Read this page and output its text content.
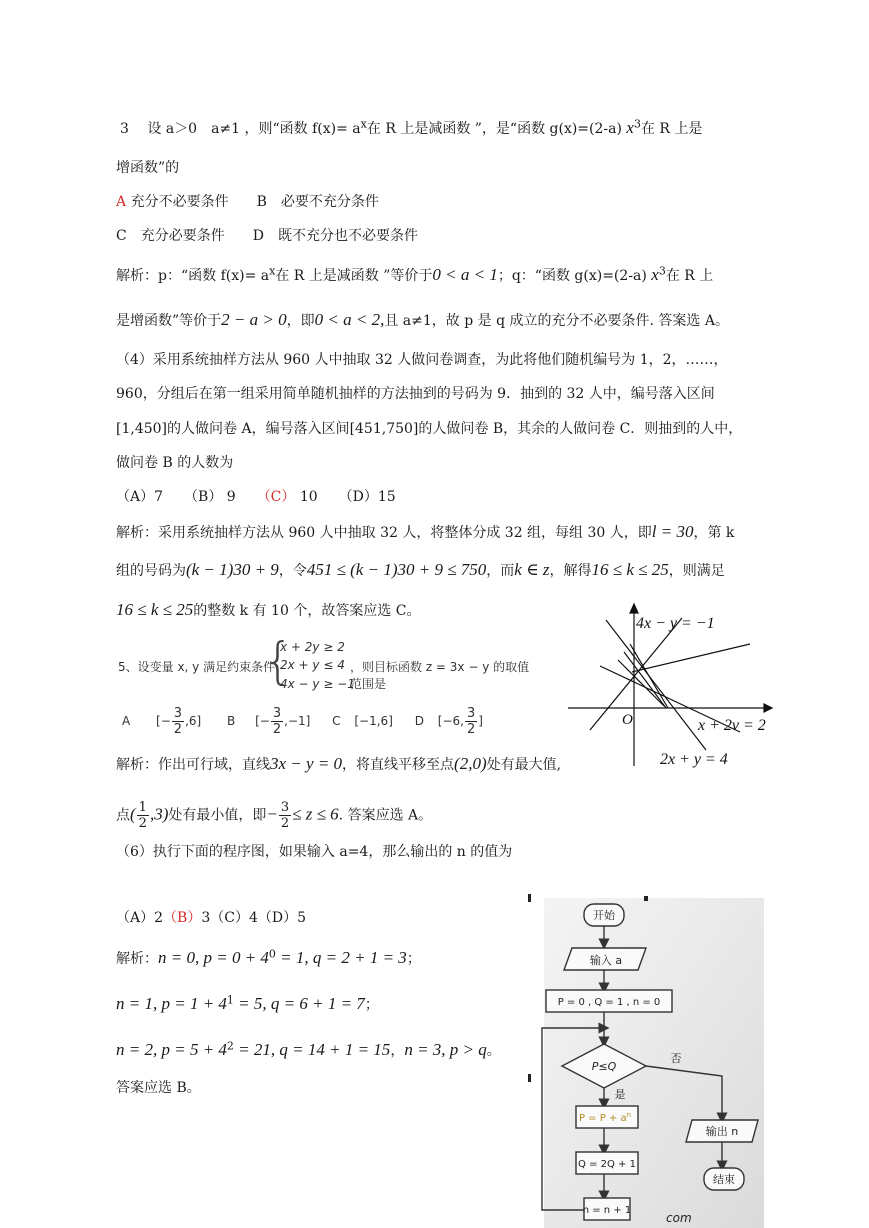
3　 设 a＞0　a≠1 ，则“函数 $f(x)= a^x$在 R 上是减函数 ”，是“函数 g(x)=(2-a) $x^3$在 R 上是
增函数”的
A 充分不必要条件　　 B　必要不充分条件
C　充分必要条件　　 D　既不充分也不必要条件
解析：p：“函数 $f(x)= a^x$在 R 上是减函数 ”等价于0 < a < 1；q：“函数 g(x)=(2-a) $x^3$在 R 上
是增函数”等价于2 − a > 0，即0 < a < 2,且 a≠1，故 p 是 q 成立的充分不必要条件. 答案选 A。
（4）采用系统抽样方法从 960 人中抽取 32 人做问卷调查，为此将他们随机编号为 1，2，……，
960，分组后在第一组采用简单随机抽样的方法抽到的号码为 9．抽到的 32 人中，编号落入区间
[1,450]的人做问卷 A，编号落入区间[451,750]的人做问卷 B，其余的人做问卷 C．则抽到的人中，
做问卷 B 的人数为
（A）7　　 （B） 9　　 （C） 10　　 （D）15
解析：采用系统抽样方法从 960 人中抽取 32 人，将整体分成 32 组，每组 30 人，即l = 30，第 k
组的号码为(k − 1)30 + 9，令451 ≤ (k − 1)30 + 9 ≤ 750，而k ∈ z，解得16 ≤ k ≤ 25，则满足
16 ≤ k ≤ 25的整数 k 有 10 个，故答案应选 C。
5、设变量 x, y 满足约束条件
{
x + 2y ≥ 2
2x + y ≤ 4
4x − y ≥ −1
，则目标函数 z = 3x − y 的取值范围是
A [− $\frac{3}{2} ,6$] B [− $\frac{3}{2} ,-1$] C [−1,6] D [−6, $\frac{3}{2}$ ]
4x − y = −1
O	x + 2v = 2
2x + y = 4
解析：作出可行域，直线3x − y = 0，将直线平移至点(2,0)处有最大值,
点( $\frac{1}{2} ,3$)处有最小值，即− $\frac{3}{2} \le z \le 6$. 答案应选 A。
（6）执行下面的程序图，如果输入 a=4，那么输出的 n 的值为
（A）2（B）3（C）4（D）5
解析：n = 0, $p = 0 + 4^0 = 1$, q = 2 + 1 = 3；
n = 1, $p = 1 + 4^1 = 5$, q = 6 + 1 = 7；
n = 2, $p = 5 + 4^2 = 21$, q = 14 + 1 = 15，n = 3, p > q。
答案应选 B。
开始
输入 a
P = 0 , Q = 1 , n = 0
P≤Q
否
是
$P = P + a^n$
输出 n
Q = 2Q + 1
结束
n = n + 1
com
